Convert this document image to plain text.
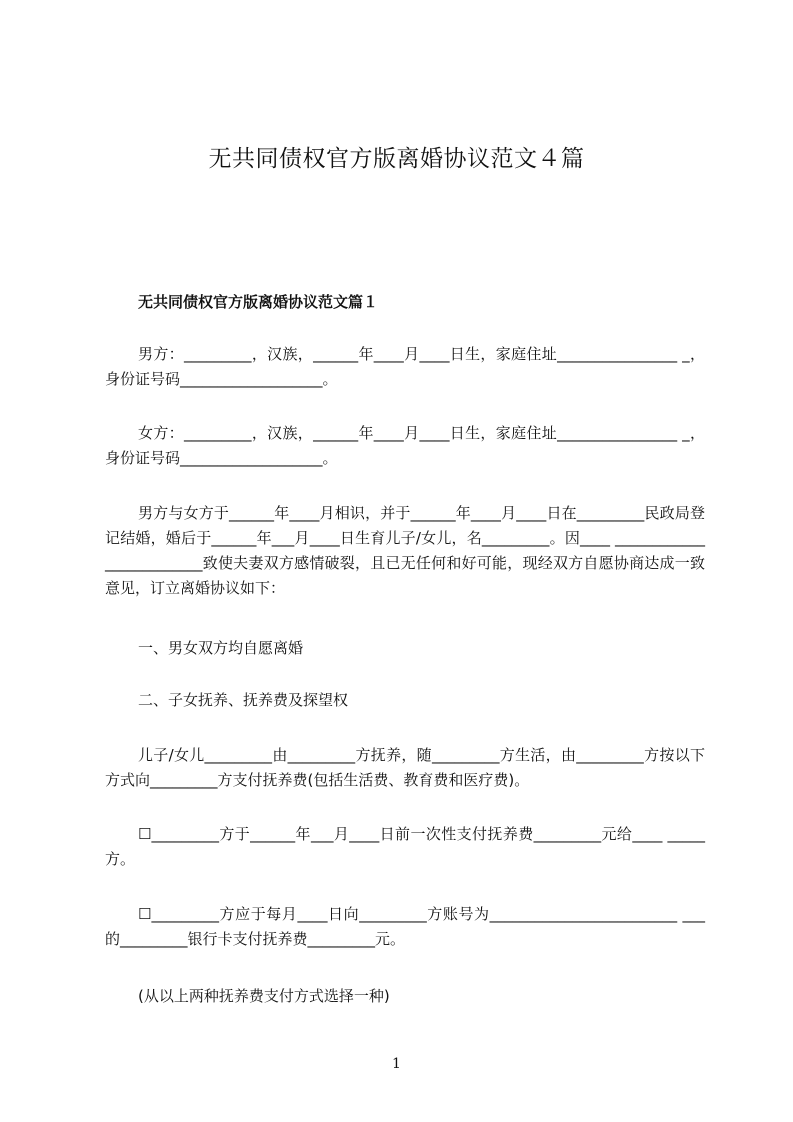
无共同债权官方版离婚协议范文４篇
无共同债权官方版离婚协议范文篇１

男方：_________，汉族，______年____月____日生，家庭住址________________ _，身份证号码___________________。

女方：_________，汉族，______年____月____日生，家庭住址________________ _，身份证号码___________________。

男方与女方于______年____月相识，并于______年____月____日在_________民政局登记结婚，婚后于______年___月____日生育儿子/女儿，名_________。因____ _________________________致使夫妻双方感情破裂，且已无任何和好可能，现经双方自愿协商达成一致意见，订立离婚协议如下：

一、男女双方均自愿离婚

二、子女抚养、抚养费及探望权

儿子/女儿_________由_________方抚养，随_________方生活，由_________方按以下方式向_________方支付抚养费(包括生活费、教育费和医疗费)。

☐_________方于______年___月____日前一次性支付抚养费_________元给____ _____方。

☐_________方应于每月____日向_________方账号为_________________________ ___的_________银行卡支付抚养费_________元。

(从以上两种抚养费支付方式选择一种)

1
